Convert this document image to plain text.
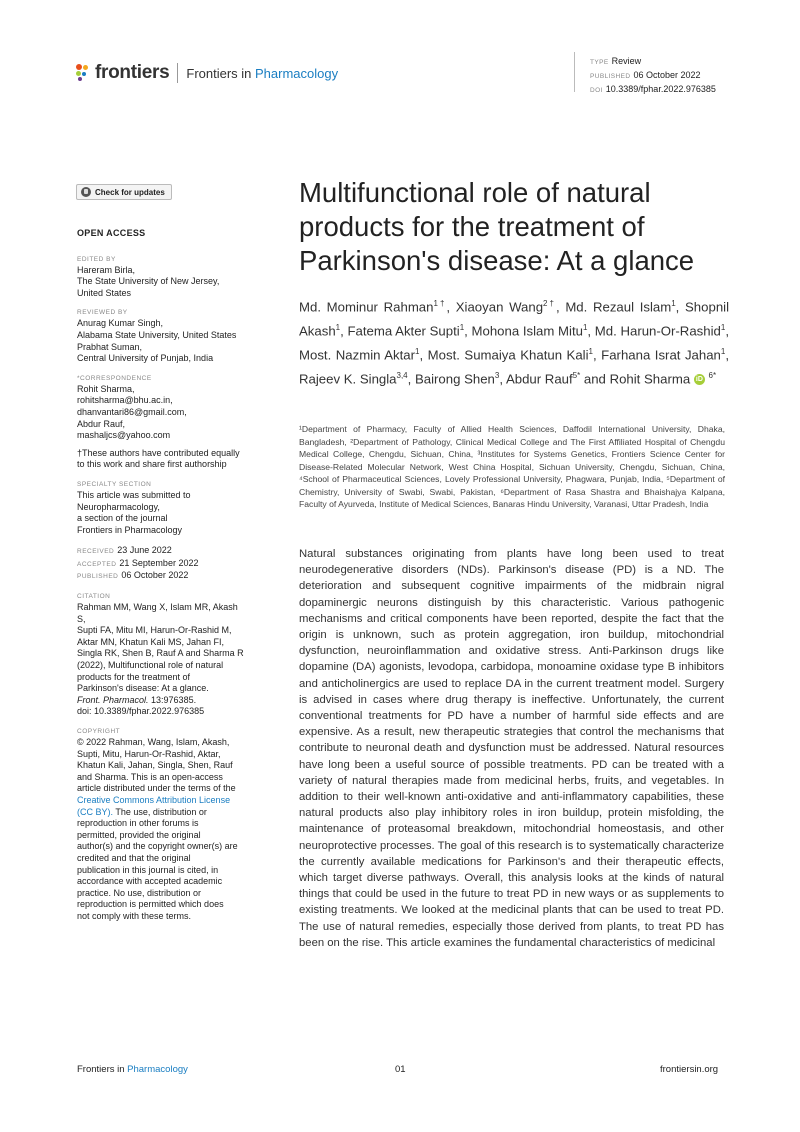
frontiers Frontiers in Pharmacology
TYPE Review
PUBLISHED 06 October 2022
DOI 10.3389/fphar.2022.976385
Check for updates
OPEN ACCESS
EDITED BY
Hareram Birla,
The State University of New Jersey,
United States
REVIEWED BY
Anurag Kumar Singh,
Alabama State University, United States
Prabhat Suman,
Central University of Punjab, India
*CORRESPONDENCE
Rohit Sharma,
rohitsharma@bhu.ac.in,
dhanvantari86@gmail.com,
Abdur Rauf,
mashaljcs@yahoo.com
†These authors have contributed equally
to this work and share first authorship
SPECIALTY SECTION
This article was submitted to
Neuropharmacology,
a section of the journal
Frontiers in Pharmacology
RECEIVED 23 June 2022
ACCEPTED 21 September 2022
PUBLISHED 06 October 2022
CITATION
Rahman MM, Wang X, Islam MR, Akash S,
Supti FA, Mitu MI, Harun-Or-Rashid M,
Aktar MN, Khatun Kali MS, Jahan FI,
Singla RK, Shen B, Rauf A and Sharma R
(2022), Multifunctional role of natural
products for the treatment of
Parkinson's disease: At a glance.
Front. Pharmacol. 13:976385.
doi: 10.3389/fphar.2022.976385
COPYRIGHT
© 2022 Rahman, Wang, Islam, Akash,
Supti, Mitu, Harun-Or-Rashid, Aktar,
Khatun Kali, Jahan, Singla, Shen, Rauf
and Sharma. This is an open-access
article distributed under the terms of the
Creative Commons Attribution License
(CC BY). The use, distribution or
reproduction in other forums is
permitted, provided the original
author(s) and the copyright owner(s) are
credited and that the original
publication in this journal is cited, in
accordance with accepted academic
practice. No use, distribution or
reproduction is permitted which does
not comply with these terms.
Multifunctional role of natural products for the treatment of Parkinson's disease: At a glance
Md. Mominur Rahman$^{1\dagger}$, Xiaoyan Wang$^{2\dagger}$, Md. Rezaul Islam$^1$, Shopnil Akash$^1$, Fatema Akter Supti$^1$, Mohona Islam Mitu$^1$, Md. Harun-Or-Rashid$^1$, Most. Nazmin Aktar$^1$, Most. Sumaiya Khatun Kali$^1$, Farhana Israt Jahan$^1$, Rajeev K. Singla$^{3,4}$, Bairong Shen$^3$, Abdur Rauf$^{5*}$ and Rohit Sharma iD $^{6*}$
¹Department of Pharmacy, Faculty of Allied Health Sciences, Daffodil International University, Dhaka, Bangladesh, ²Department of Pathology, Clinical Medical College and The First Affiliated Hospital of Chengdu Medical College, Chengdu, Sichuan, China, ³Institutes for Systems Genetics, Frontiers Science Center for Disease-Related Molecular Network, West China Hospital, Sichuan University, Chengdu, Sichuan, China, ⁴School of Pharmaceutical Sciences, Lovely Professional University, Phagwara, Punjab, India, ⁵Department of Chemistry, University of Swabi, Swabi, Pakistan, ⁶Department of Rasa Shastra and Bhaishajya Kalpana, Faculty of Ayurveda, Institute of Medical Sciences, Banaras Hindu University, Varanasi, Uttar Pradesh, India
Natural substances originating from plants have long been used to treat neurodegenerative disorders (NDs). Parkinson's disease (PD) is a ND. The deterioration and subsequent cognitive impairments of the midbrain nigral dopaminergic neurons distinguish by this characteristic. Various pathogenic mechanisms and critical components have been reported, despite the fact that the origin is unknown, such as protein aggregation, iron buildup, mitochondrial dysfunction, neuroinflammation and oxidative stress. Anti-Parkinson drugs like dopamine (DA) agonists, levodopa, carbidopa, monoamine oxidase type B inhibitors and anticholinergics are used to replace DA in the current treatment model. Surgery is advised in cases where drug therapy is ineffective. Unfortunately, the current conventional treatments for PD have a number of harmful side effects and are expensive. As a result, new therapeutic strategies that control the mechanisms that contribute to neuronal death and dysfunction must be addressed. Natural resources have long been a useful source of possible treatments. PD can be treated with a variety of natural therapies made from medicinal herbs, fruits, and vegetables. In addition to their well-known anti-oxidative and anti-inflammatory capabilities, these natural products also play inhibitory roles in iron buildup, protein misfolding, the maintenance of proteasomal breakdown, mitochondrial homeostasis, and other neuroprotective processes. The goal of this research is to systematically characterize the currently available medications for Parkinson's and their therapeutic effects, which target diverse pathways. Overall, this analysis looks at the kinds of natural things that could be used in the future to treat PD in new ways or as supplements to existing treatments. We looked at the medicinal plants that can be used to treat PD. The use of natural remedies, especially those derived from plants, to treat PD has been on the rise. This article examines the fundamental characteristics of medicinal
Frontiers in Pharmacology	01	frontiersin.org
